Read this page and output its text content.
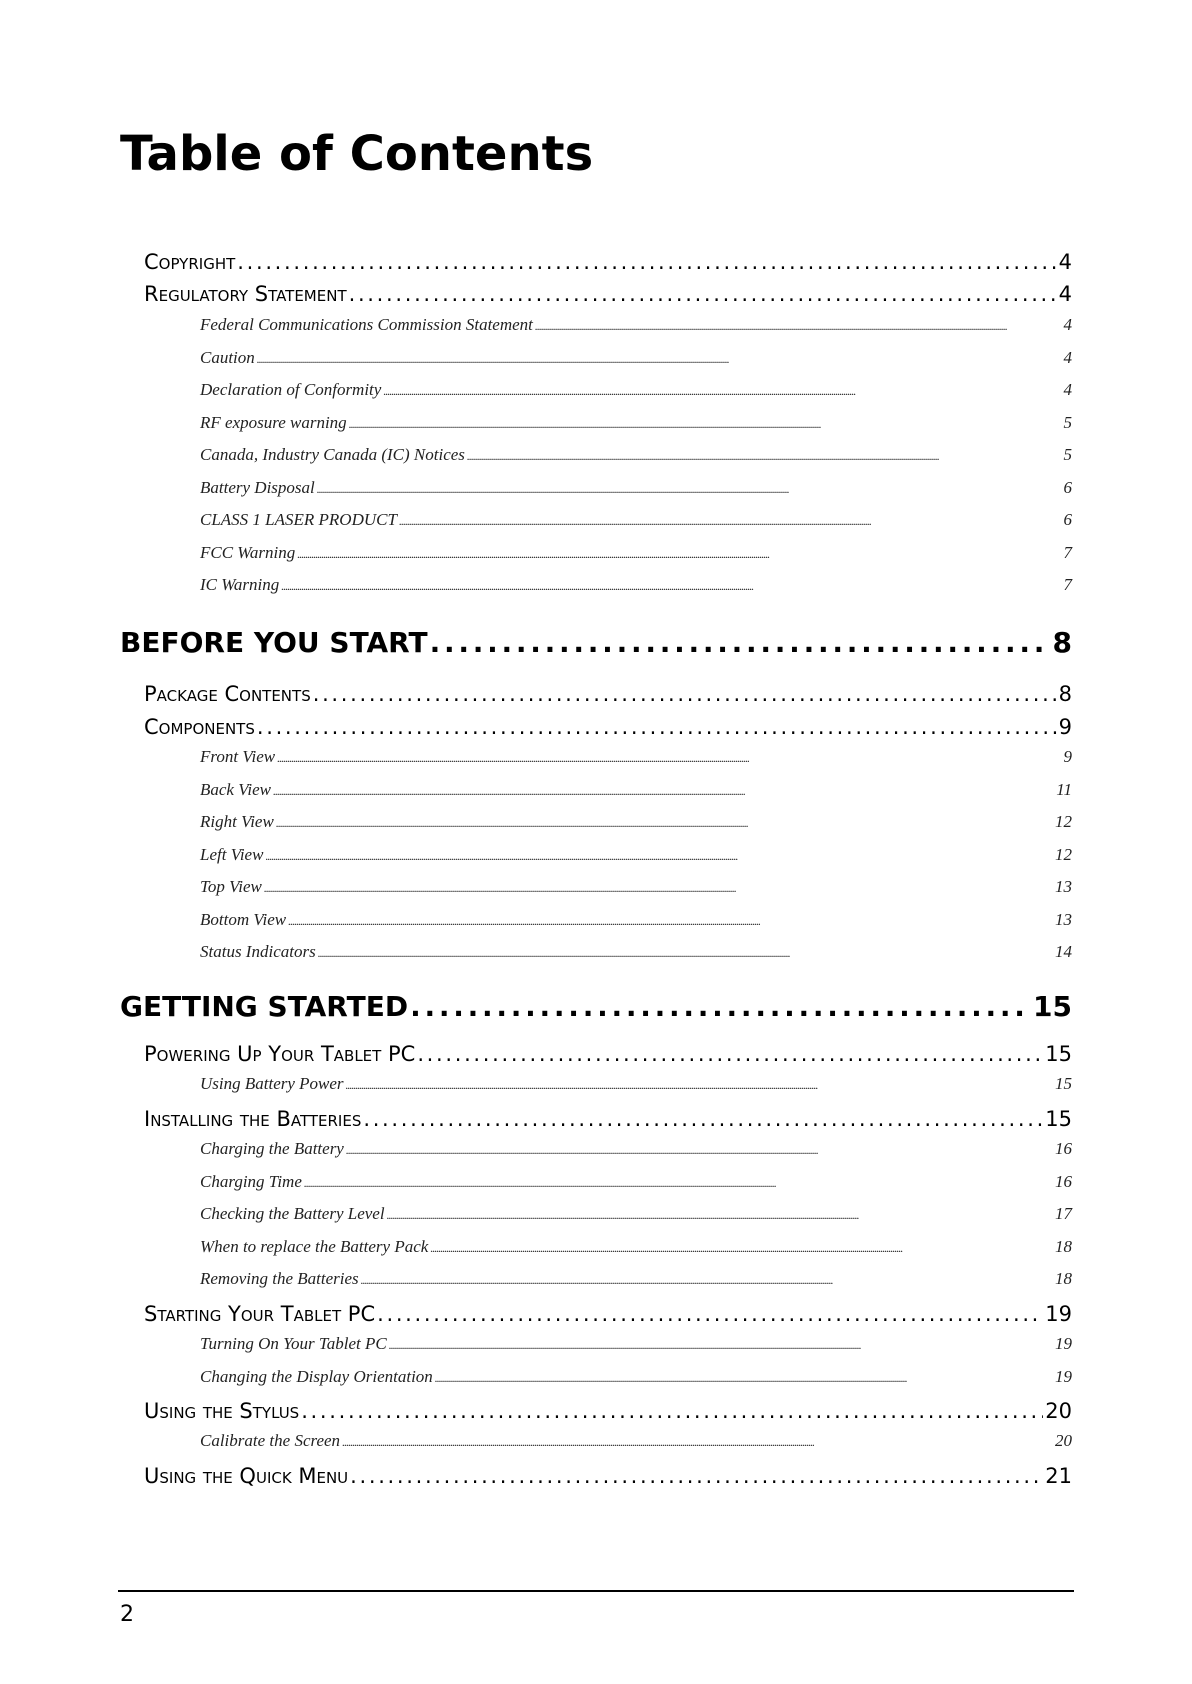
Table of Contents
Copyright . . .	4
Regulatory Statement . . .	4
Federal Communications Commission Statement . . .	4
Caution . . .	4
Declaration of Conformity . . .	4
RF exposure warning . . .	5
Canada, Industry Canada (IC) Notices . . .	5
Battery Disposal . . .	6
CLASS 1 LASER PRODUCT . . .	6
FCC Warning . . .	7
IC Warning . . .	7
BEFORE YOU START . . .	8
Package Contents . . .	8
Components . . .	9
Front View . . .	9
Back View . . .	11
Right View . . .	12
Left View . . .	12
Top View . . .	13
Bottom View . . .	13
Status Indicators . . .	14
GETTING STARTED . . .	15
Powering Up Your Tablet PC . . .	15
Using Battery Power . . .	15
Installing the Batteries . . .	15
Charging the Battery . . .	16
Charging Time . . .	16
Checking the Battery Level . . .	17
When to replace the Battery Pack . . .	18
Removing the Batteries . . .	18
Starting Your Tablet PC . . .	19
Turning On Your Tablet PC . . .	19
Changing the Display Orientation . . .	19
Using the Stylus . . .	20
Calibrate the Screen . . .	20
Using the Quick Menu . . .	21
2
